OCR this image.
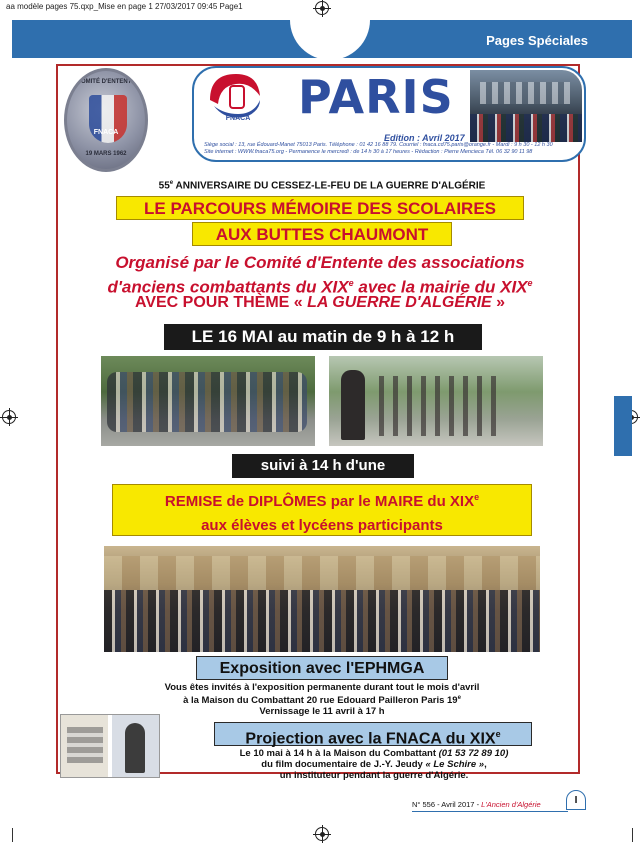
aa modèle pages 75.qxp_Mise en page 1 27/03/2017 09:45 Page1
Pages Spéciales
COMITÉ D'ENTENTE
FNACA
19 MARS 1962
FNACA PARIS
Edition : Avril 2017
Siège social : 13, rue Édouard-Manet 75013 Paris. Téléphone : 01 42 16 88 79. Courriel : fnaca.cd75.paris@orange.fr - Mardi : 9 h 30 - 12 h 30
Site internet : WWW.fnaca75.org - Permanence le mercredi : de 14 h 30 à 17 heures - Rédaction : Pierre Mencieca Tél. 06 32 90 11 98
55e ANNIVERSAIRE DU CESSEZ-LE-FEU DE LA GUERRE D'ALGÉRIE
LE PARCOURS MÉMOIRE DES SCOLAIRES
AUX BUTTES CHAUMONT
Organisé par le Comité d'Entente des associations
d'anciens combattants du XIXe avec la mairie du XIXe
AVEC POUR THÈME « LA GUERRE D'ALGÉRIE »
LE 16 MAI au matin de 9 h à 12 h
suivi à 14 h d'une
REMISE de DIPLÔMES par le MAIRE du XIXe
aux élèves et lycéens participants
Exposition avec l'EPHMGA
Vous êtes invités à l'exposition permanente durant tout le mois d'avril
à la Maison du Combattant 20 rue Edouard Pailleron Paris 19e
Vernissage le 11 avril à 17 h
Projection avec la FNACA du XIXe
Le 10 mai à 14 h à la Maison du Combattant (01 53 72 89 10)
du film documentaire de J.-Y. Jeudy « Le Schire »,
un instituteur pendant la guerre d'Algérie.
N° 556 - Avril 2017 - L'Ancien d'Algérie	I
